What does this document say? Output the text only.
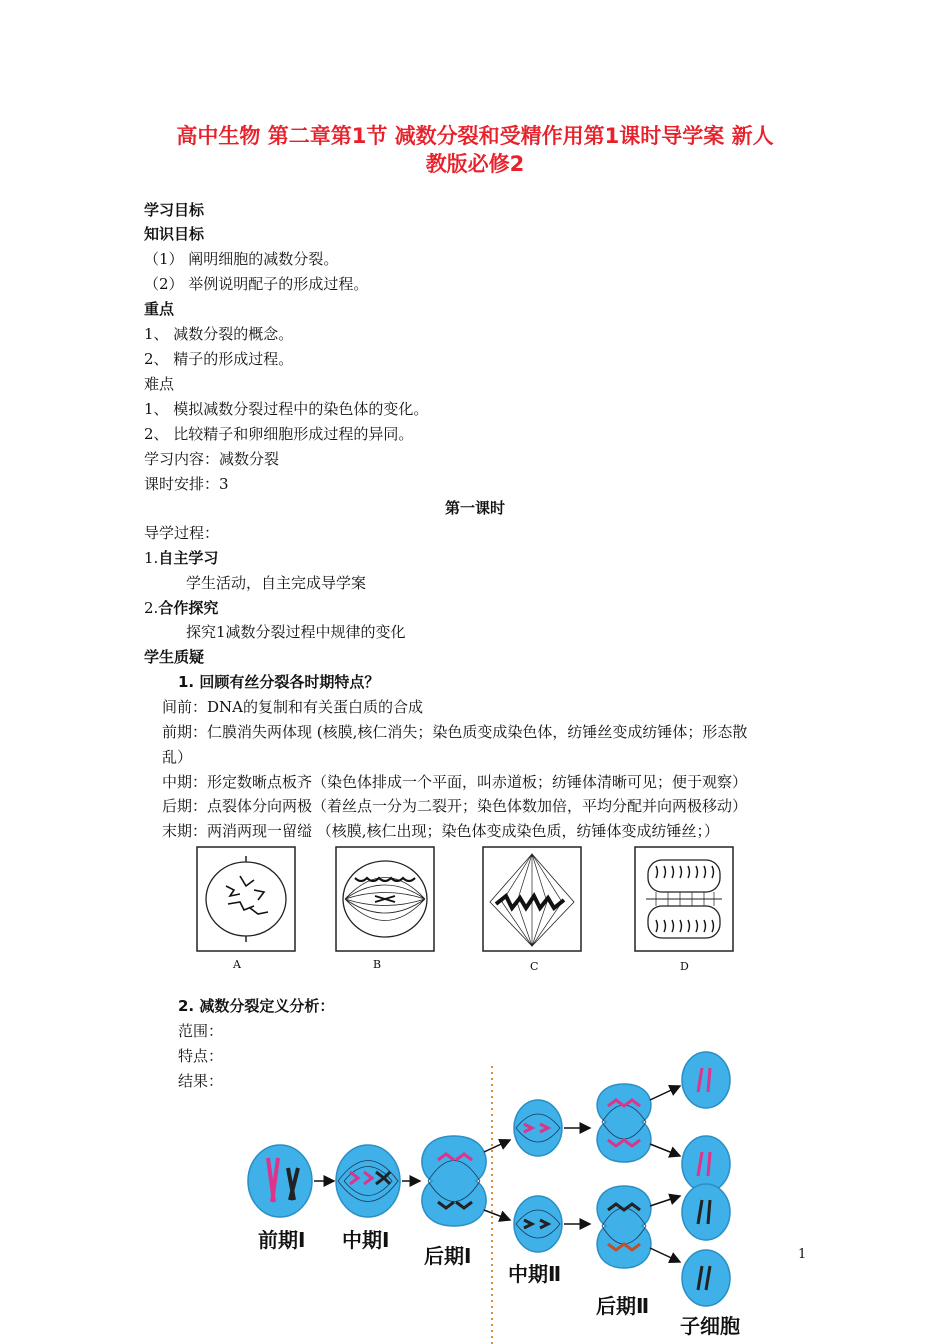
高中生物 第二章第1节 减数分裂和受精作用第1课时导学案 新人
教版必修2
学习目标
知识目标
（1） 阐明细胞的减数分裂。
（2） 举例说明配子的形成过程。
重点
1、 减数分裂的概念。
2、 精子的形成过程。
难点
1、 模拟减数分裂过程中的染色体的变化。
2、 比较精子和卵细胞形成过程的异同。
学习内容：减数分裂
课时安排：3
第一课时
导学过程：
1.自主学习
学生活动，自主完成导学案
2.合作探究
探究1减数分裂过程中规律的变化
学生质疑
1. 回顾有丝分裂各时期特点？
间前：DNA的复制和有关蛋白质的合成
前期：仁膜消失两体现 (核膜,核仁消失；染色质变成染色体，纺锤丝变成纺锤体；形态散
乱）
中期：形定数晰点板齐（染色体排成一个平面，叫赤道板；纺锤体清晰可见；便于观察）
后期：点裂体分向两极（着丝点一分为二裂开；染色体数加倍，平均分配并向两极移动）
末期：两消两现一留缢 （核膜,核仁出现；染色体变成染色质，纺锤体变成纺锤丝；）
A	B	C	D
2. 减数分裂定义分析：
范围：
特点：
结果：
前期Ⅰ 中期Ⅰ
后期Ⅰ
中期Ⅱ
后期Ⅱ
子细胞
1
